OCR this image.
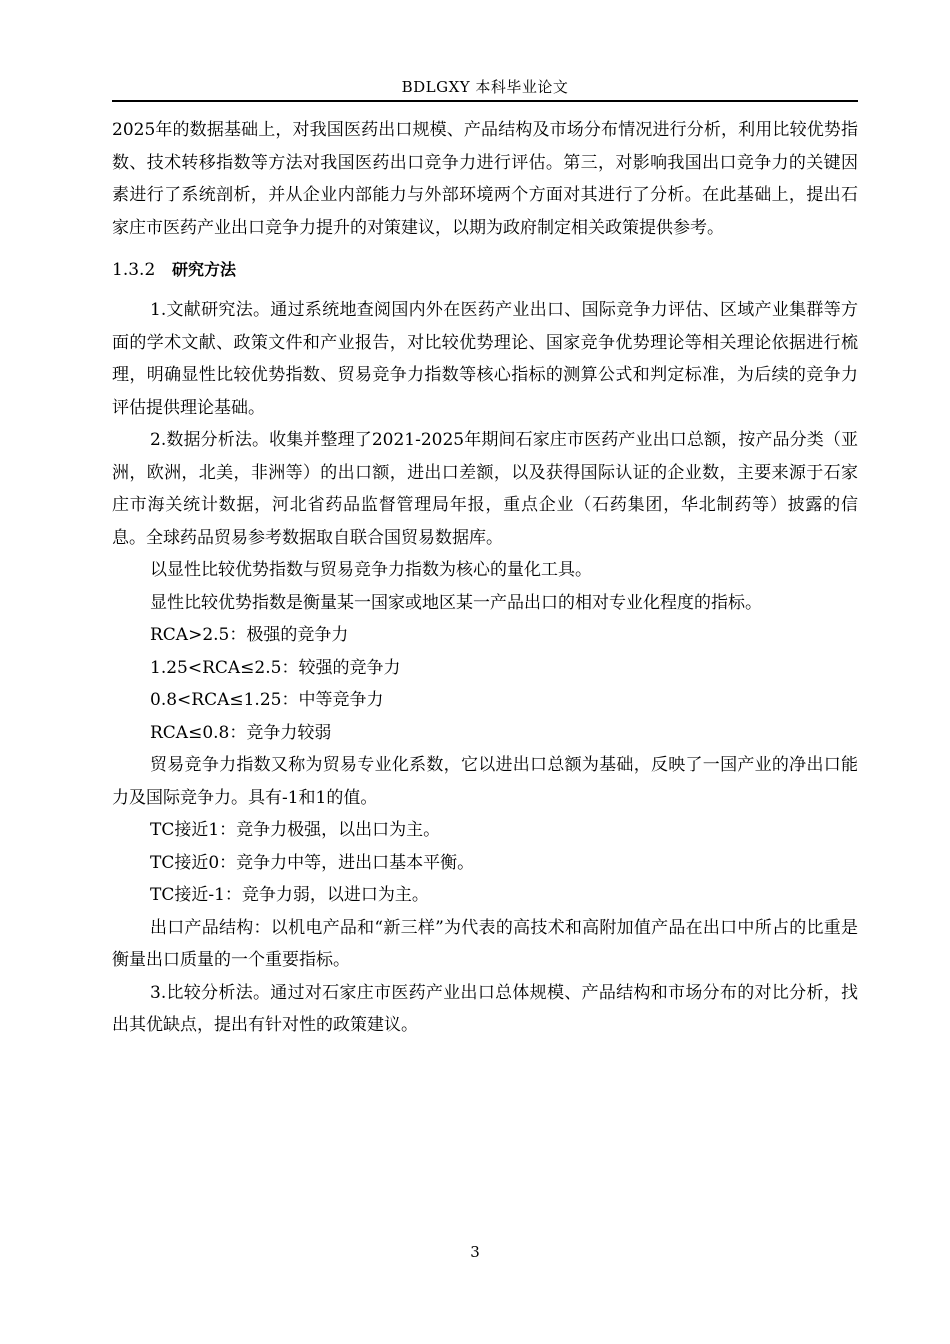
BDLGXY 本科毕业论文

2025年的数据基础上，对我国医药出口规模、产品结构及市场分布情况进行分析，利用比较优势指数、技术转移指数等方法对我国医药出口竞争力进行评估。第三，对影响我国出口竞争力的关键因素进行了系统剖析，并从企业内部能力与外部环境两个方面对其进行了分析。在此基础上，提出石家庄市医药产业出口竞争力提升的对策建议，以期为政府制定相关政策提供参考。

1.3.2 研究方法

1.文献研究法。通过系统地查阅国内外在医药产业出口、国际竞争力评估、区域产业集群等方面的学术文献、政策文件和产业报告，对比较优势理论、国家竞争优势理论等相关理论依据进行梳理，明确显性比较优势指数、贸易竞争力指数等核心指标的测算公式和判定标准，为后续的竞争力评估提供理论基础。

2.数据分析法。收集并整理了2021-2025年期间石家庄市医药产业出口总额，按产品分类（亚洲，欧洲，北美，非洲等）的出口额，进出口差额，以及获得国际认证的企业数，主要来源于石家庄市海关统计数据，河北省药品监督管理局年报，重点企业（石药集团，华北制药等）披露的信息。全球药品贸易参考数据取自联合国贸易数据库。

以显性比较优势指数与贸易竞争力指数为核心的量化工具。

显性比较优势指数是衡量某一国家或地区某一产品出口的相对专业化程度的指标。

RCA>2.5：极强的竞争力

1.25<RCA≤2.5：较强的竞争力

0.8<RCA≤1.25：中等竞争力

RCA≤0.8：竞争力较弱

贸易竞争力指数又称为贸易专业化系数，它以进出口总额为基础，反映了一国产业的净出口能力及国际竞争力。具有-1和1的值。

TC接近1：竞争力极强，以出口为主。

TC接近0：竞争力中等，进出口基本平衡。

TC接近-1：竞争力弱，以进口为主。

出口产品结构：以机电产品和“新三样”为代表的高技术和高附加值产品在出口中所占的比重是衡量出口质量的一个重要指标。

3.比较分析法。通过对石家庄市医药产业出口总体规模、产品结构和市场分布的对比分析，找出其优缺点，提出有针对性的政策建议。

3
